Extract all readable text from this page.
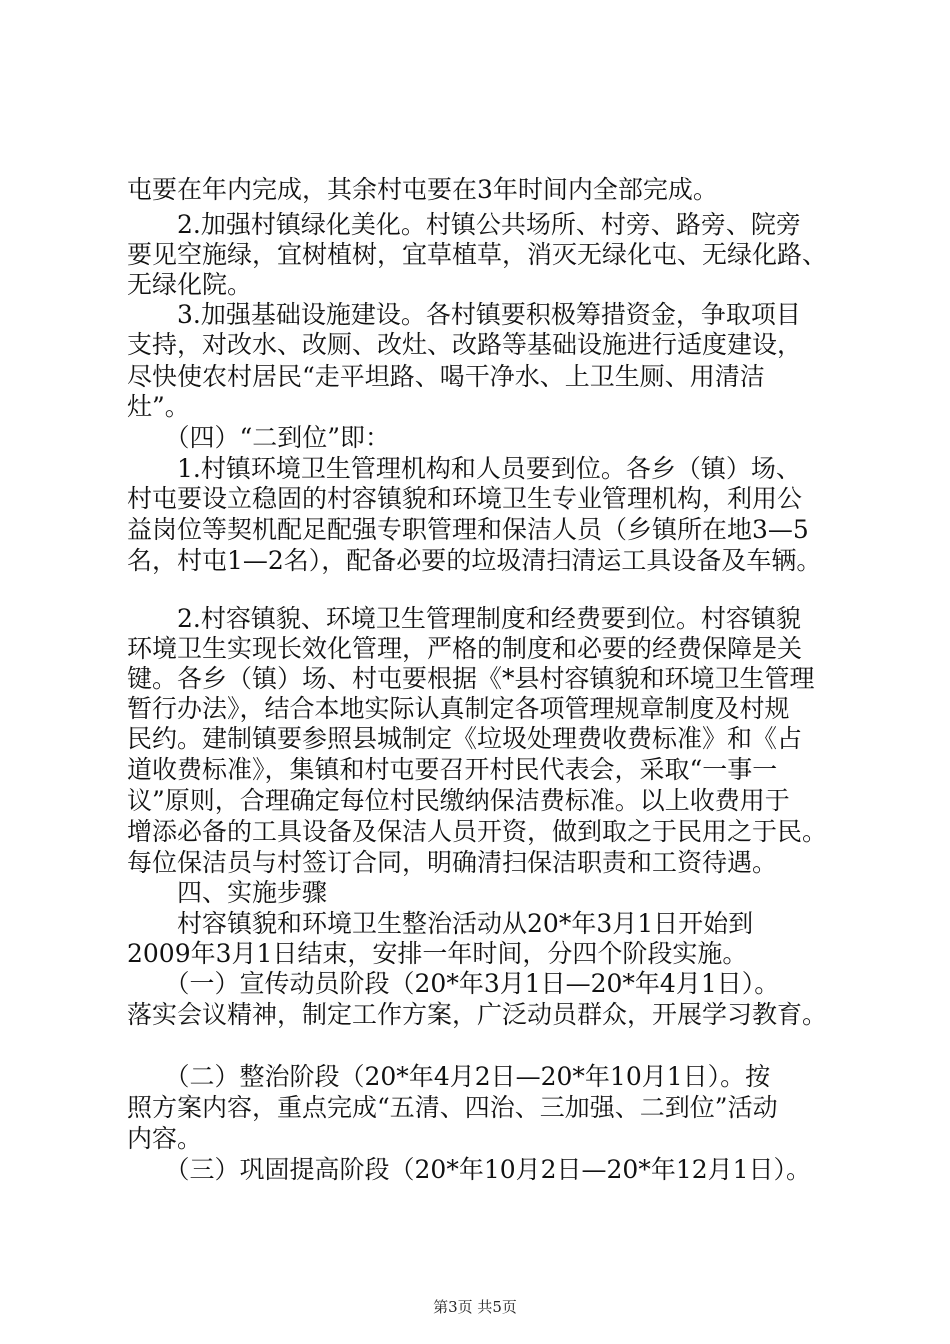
屯要在年内完成，其余村屯要在3年时间内全部完成。
　　2.加强村镇绿化美化。村镇公共场所、村旁、路旁、院旁
要见空施绿，宜树植树，宜草植草，消灭无绿化屯、无绿化路、
无绿化院。
　　3.加强基础设施建设。各村镇要积极筹措资金，争取项目
支持，对改水、改厕、改灶、改路等基础设施进行适度建设，
尽快使农村居民“走平坦路、喝干净水、上卫生厕、用清洁
灶”。
　　（四）“二到位”即：
　　1.村镇环境卫生管理机构和人员要到位。各乡（镇）场、
村屯要设立稳固的村容镇貌和环境卫生专业管理机构，利用公
益岗位等契机配足配强专职管理和保洁人员（乡镇所在地3—5
名，村屯1—2名），配备必要的垃圾清扫清运工具设备及车辆。
　　2.村容镇貌、环境卫生管理制度和经费要到位。村容镇貌
环境卫生实现长效化管理，严格的制度和必要的经费保障是关
键。各乡（镇）场、村屯要根据《*县村容镇貌和环境卫生管理
暂行办法》，结合本地实际认真制定各项管理规章制度及村规
民约。建制镇要参照县城制定《垃圾处理费收费标准》和《占
道收费标准》，集镇和村屯要召开村民代表会，采取“一事一
议”原则，合理确定每位村民缴纳保洁费标准。以上收费用于
增添必备的工具设备及保洁人员开资，做到取之于民用之于民。
每位保洁员与村签订合同，明确清扫保洁职责和工资待遇。
　　四、实施步骤
　　村容镇貌和环境卫生整治活动从20*年3月1日开始到
2009年3月1日结束，安排一年时间，分四个阶段实施。
　　（一）宣传动员阶段（20*年3月1日—20*年4月1日）。
落实会议精神，制定工作方案，广泛动员群众，开展学习教育。
　　（二）整治阶段（20*年4月2日—20*年10月1日）。按
照方案内容，重点完成“五清、四治、三加强、二到位”活动
内容。
　　（三）巩固提高阶段（20*年10月2日—20*年12月1日）。
第3页 共5页
